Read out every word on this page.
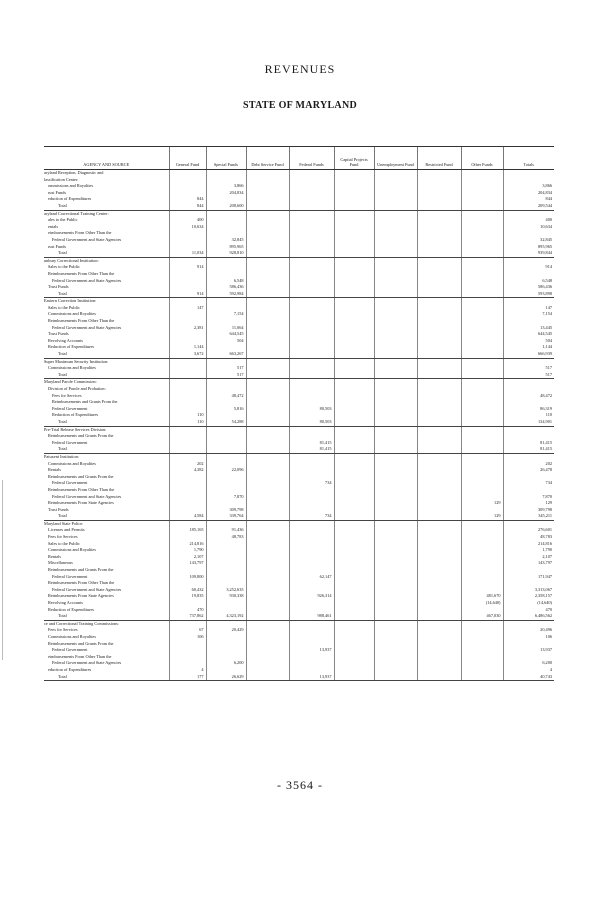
REVENUES
STATE OF MARYLAND
AGENCY AND SOURCE	General Fund	Special Funds	Debt Service Fund	Federal Funds	Capital Projects Fund	Unemployment Fund	Restricted Fund	Other Funds	Totals
aryland Reception, Diagnostic and									
lassification Center:									
ommissions and Royalties		3,866							3,866
rust Funds		204,834							204,834
eduction of Expenditures	844								844
Total	844	208,600							209,544
aryland Correctional Training Center:									
ales to the Public	400								400
entals	10,634								10,634
eimbursements From Other Than the									
Federal Government and State Agencies		32,845							32,845
rust Funds		895,965							895,965
Total	11,034	928,810							939,844
unbury Correctional Institution:									
Sales to the Public	914								914
Reimbursements From Other Than the									
Federal Government and State Agencies		6,548							6,548
Trust Funds		586,436							586,436
Total	914	592,984							593,898
Eastern Correction Institution:									
Sales to the Public	147								147
Commissions and Royalties		7,154							7,154
Reimbursements From Other Than the									
Federal Government and State Agencies	2,381	11,064							13,445
Trust Funds		644,545							644,545
Revolving Accounts		504							504
Reduction of Expenditures	1,144								1,144
Total	3,672	663,267							666,939
Super Maximum Security Institution:									
Commissions and Royalties		517							517
Total		517							517
Maryland Parole Commission:									
Division of Parole and Probation:									
Fees for Services		48,472							48,472
Reimbursements and Grants From the									
Federal Government		5,816		80,503					86,319
Reduction of Expenditures	110								110
Total	110	54,288		80,503					134,901
Pre-Trial Release Services Division:									
Reimbursements and Grants From the									
Federal Government				81,415					81,415
Total				81,415					81,415
Patuxent Institution:									
Commissions and Royalties	202								202
Rentals	4,382	22,096							26,478
Reimbursements and Grants From the									
Federal Government				734					734
Reimbursements From Other Than the									
Federal Government and State Agencies		7,870							7,870
Reimbursements From State Agencies								129	129
Trust Funds		309,798							309,798
Total	4,584	339,764		734				129	345,211
Maryland State Police:									
Licenses and Permits	185,165	91,436							276,601
Fees for Services		48,783							48,783
Sales to the Public	214,816								214,816
Commissions and Royalties	1,790								1,790
Rentals	2,107								2,107
Miscellaneous	143,797								143,797
Reimbursements and Grants From the									
Federal Government	109,800			62,147					171,947
Reimbursements From Other Than the									
Federal Government and State Agencies	60,432	3,252,635							3,313,067
Reimbursements From State Agencies	19,835	930,338		926,314				481,670	2,358,157
Revolving Accounts								(14,640)	(14,640)
Reduction of Expenditures	470								470
Total	737,862	4,323,192		988,461				467,030	6,486,562
ce and Correctional Training Commissions:									
Fees for Services	67	20,429							20,496
Commissions and Royalties	106								106
Reimbursements and Grants From the									
Federal Government				13,937					13,937
eimbursements From Other Than the									
Federal Government and State Agencies		6,200							6,200
eduction of Expenditures	4								4
Total	177	26,629		13,937					40,743
- 3564 -
